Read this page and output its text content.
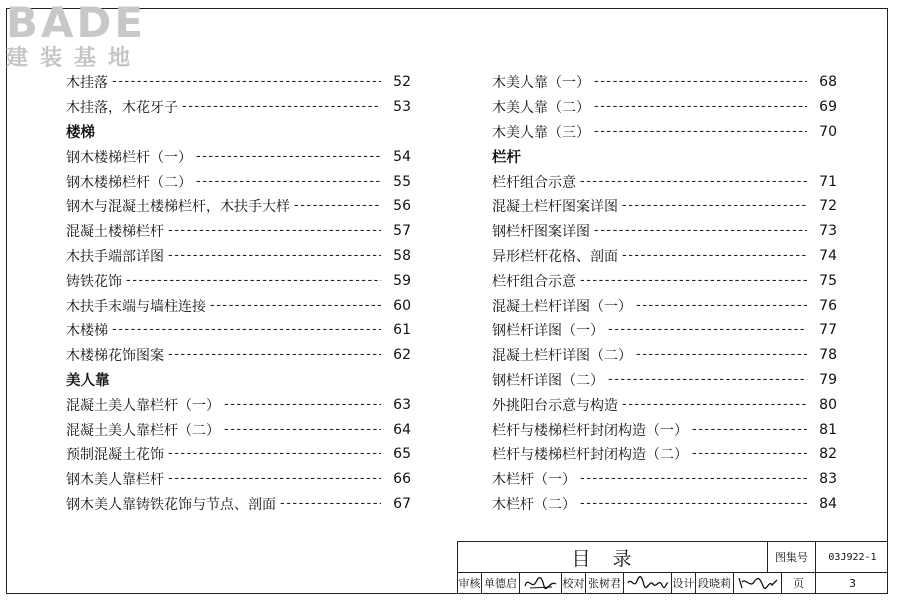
BADE
建装基地
木挂落 -----	52
木挂落，木花牙子 -----	53
楼梯
钢木楼梯栏杆（一） -----	54
钢木楼梯栏杆（二） -----	55
钢木与混凝土楼梯栏杆，木扶手大样 -----	56
混凝土楼梯栏杆 -----	57
木扶手端部详图 -----	58
铸铁花饰 -----	59
木扶手末端与墙柱连接 -----	60
木楼梯 -----	61
木楼梯花饰图案 -----	62
美人靠
混凝土美人靠栏杆（一） -----	63
混凝土美人靠栏杆（二） -----	64
预制混凝土花饰 -----	65
钢木美人靠栏杆 -----	66
钢木美人靠铸铁花饰与节点、剖面 -----	67
木美人靠（一） -----	68
木美人靠（二） -----	69
木美人靠（三） -----	70
栏杆
栏杆组合示意 -----	71
混凝土栏杆图案详图 -----	72
钢栏杆图案详图 -----	73
异形栏杆花格、剖面 -----	74
栏杆组合示意 -----	75
混凝土栏杆详图（一） -----	76
钢栏杆详图（一） -----	77
混凝土栏杆详图（二） -----	78
钢栏杆详图（二） -----	79
外挑阳台示意与构造 -----	80
栏杆与楼梯栏杆封闭构造（一） -----	81
栏杆与楼梯栏杆封闭构造（二） -----	82
木栏杆（一） -----	83
木栏杆（二） -----	84
目录	图集号	03J922-1
审核 单德启	校对 张树君	设计 段晓莉	页	3
